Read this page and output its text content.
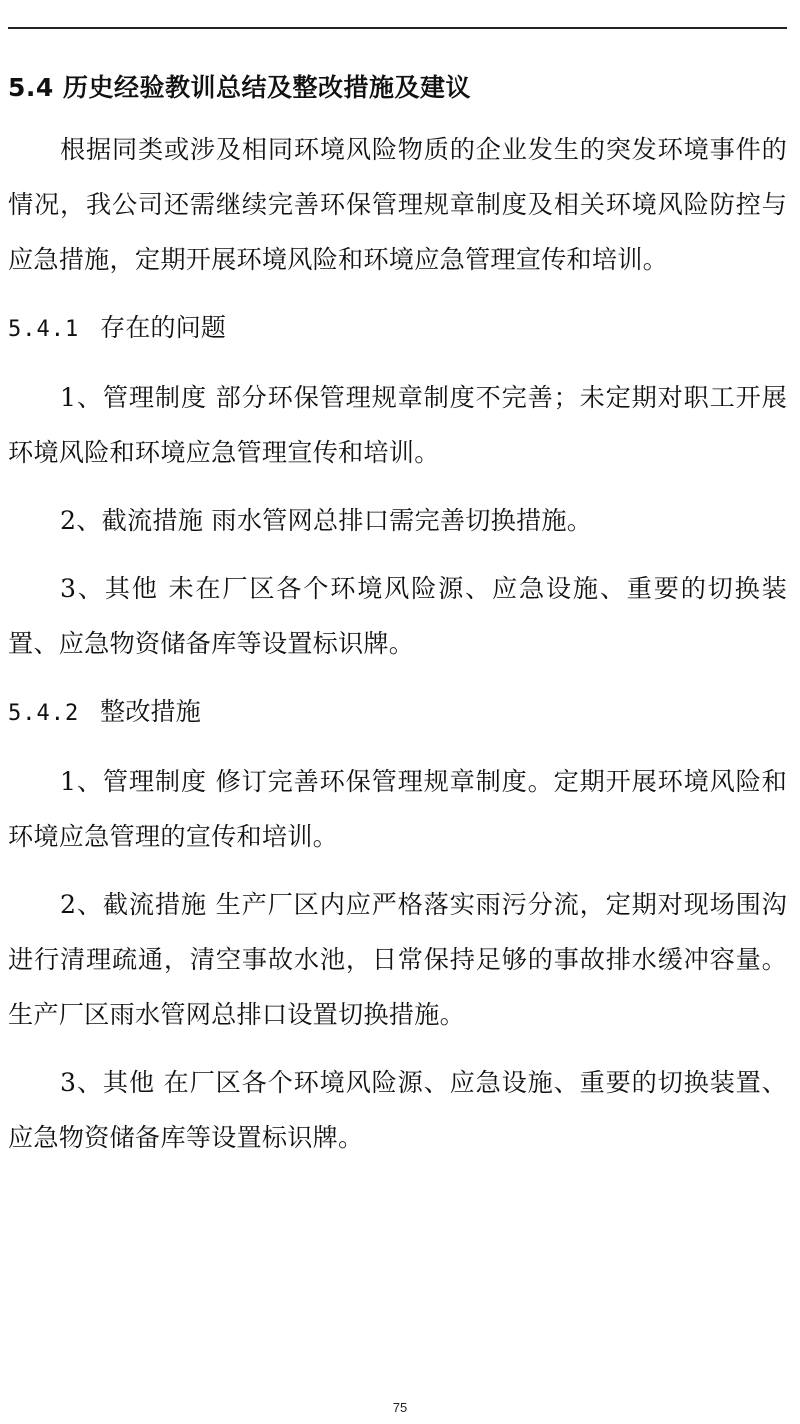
5.4 历史经验教训总结及整改措施及建议

根据同类或涉及相同环境风险物质的企业发生的突发环境事件的情况，我公司还需继续完善环保管理规章制度及相关环境风险防控与应急措施，定期开展环境风险和环境应急管理宣传和培训。

5.4.1 存在的问题

1、管理制度 部分环保管理规章制度不完善；未定期对职工开展环境风险和环境应急管理宣传和培训。

2、截流措施 雨水管网总排口需完善切换措施。

3、其他 未在厂区各个环境风险源、应急设施、重要的切换装置、应急物资储备库等设置标识牌。

5.4.2 整改措施

1、管理制度 修订完善环保管理规章制度。定期开展环境风险和环境应急管理的宣传和培训。

2、截流措施 生产厂区内应严格落实雨污分流，定期对现场围沟进行清理疏通，清空事故水池，日常保持足够的事故排水缓冲容量。生产厂区雨水管网总排口设置切换措施。

3、其他 在厂区各个环境风险源、应急设施、重要的切换装置、应急物资储备库等设置标识牌。

75
